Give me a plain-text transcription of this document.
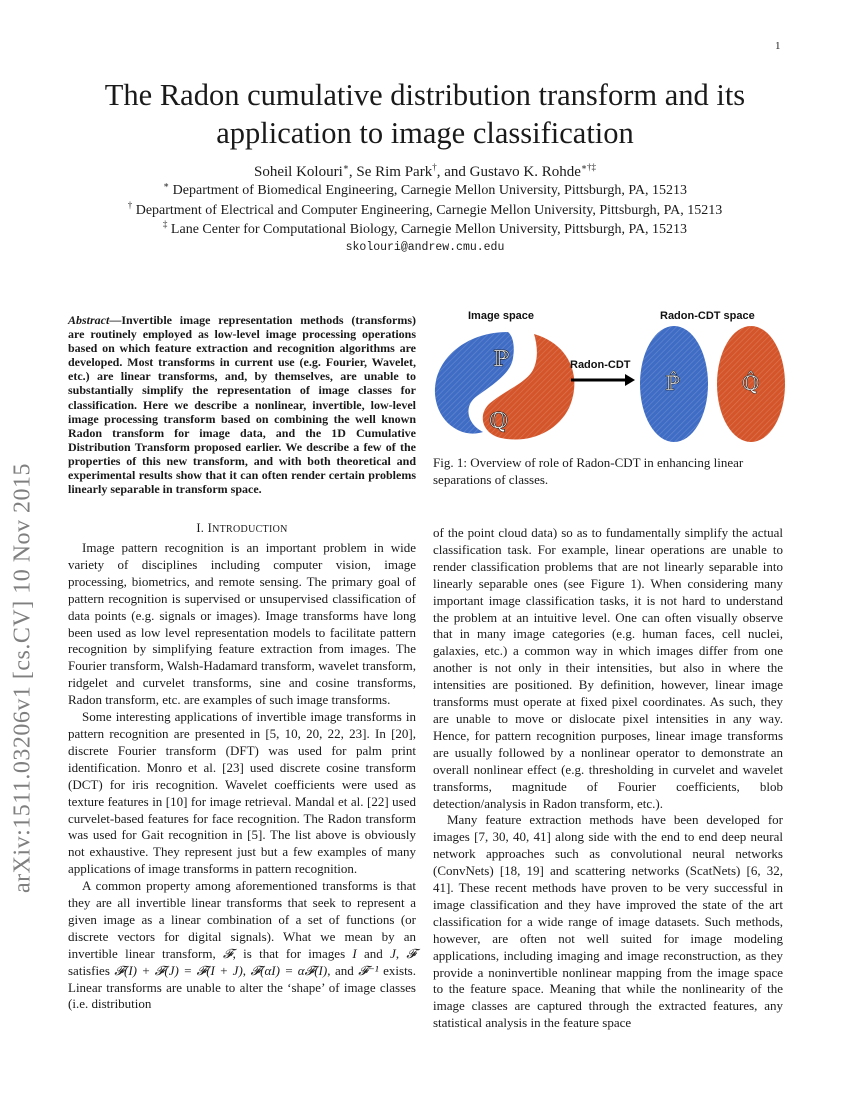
1
The Radon cumulative distribution transform and its
application to image classification
Soheil Kolouri∗, Se Rim Park†, and Gustavo K. Rohde∗†‡
∗ Department of Biomedical Engineering, Carnegie Mellon University, Pittsburgh, PA, 15213
† Department of Electrical and Computer Engineering, Carnegie Mellon University, Pittsburgh, PA, 15213
‡ Lane Center for Computational Biology, Carnegie Mellon University, Pittsburgh, PA, 15213
skolouri@andrew.cmu.edu
arXiv:1511.03206v1 [cs.CV] 10 Nov 2015
Abstract—Invertible image representation methods (transforms) are routinely employed as low-level image processing operations based on which feature extraction and recognition algorithms are developed. Most transforms in current use (e.g. Fourier, Wavelet, etc.) are linear transforms, and, by themselves, are unable to substantially simplify the representation of image classes for classification. Here we describe a nonlinear, invertible, low-level image processing transform based on combining the well known Radon transform for image data, and the 1D Cumulative Distribution Transform proposed earlier. We describe a few of the properties of this new transform, and with both theoretical and experimental results show that it can often render certain problems linearly separable in transform space.
Image space	Radon-CDT space
ℙ
ℚ
Radon-CDT
ℙ̂	ℚ̂
Fig. 1: Overview of role of Radon-CDT in enhancing linear separations of classes.
I. INTRODUCTION

Image pattern recognition is an important problem in wide variety of disciplines including computer vision, image processing, biometrics, and remote sensing. The primary goal of pattern recognition is supervised or unsupervised classification of data points (e.g. signals or images). Image transforms have long been used as low level representation models to facilitate pattern recognition by simplifying feature extraction from images. The Fourier transform, Walsh-Hadamard transform, wavelet transform, ridgelet and curvelet transforms, sine and cosine transforms, Radon transform, etc. are examples of such image transforms.

Some interesting applications of invertible image transforms in pattern recognition are presented in [5, 10, 20, 22, 23]. In [20], discrete Fourier transform (DFT) was used for palm print identification. Monro et al. [23] used discrete cosine transform (DCT) for iris recognition. Wavelet coefficients were used as texture features in [10] for image retrieval. Mandal et al. [22] used curvelet-based features for face recognition. The Radon transform was used for Gait recognition in [5]. The list above is obviously not exhaustive. They represent just but a few examples of many applications of image transforms in pattern recognition.

A common property among aforementioned transforms is that they are all invertible linear transforms that seek to represent a given image as a linear combination of a set of functions (or discrete vectors for digital signals). What we mean by an invertible linear transform, 𝓕, is that for images I and J, 𝓕 satisfies 𝓕(I) + 𝓕(J) = 𝓕(I + J), 𝓕(αI) = α𝓕(I), and 𝓕⁻¹ exists. Linear transforms are unable to alter the ‘shape’ of image classes (i.e. distribution

of the point cloud data) so as to fundamentally simplify the actual classification task. For example, linear operations are unable to render classification problems that are not linearly separable into linearly separable ones (see Figure 1). When considering many important image classification tasks, it is not hard to understand the problem at an intuitive level. One can often visually observe that in many image categories (e.g. human faces, cell nuclei, galaxies, etc.) a common way in which images differ from one another is not only in their intensities, but also in where the intensities are positioned. By definition, however, linear image transforms must operate at fixed pixel coordinates. As such, they are unable to move or dislocate pixel intensities in any way. Hence, for pattern recognition purposes, linear image transforms are usually followed by a nonlinear operator to demonstrate an overall nonlinear effect (e.g. thresholding in curvelet and wavelet transforms, magnitude of Fourier coefficients, blob detection/analysis in Radon transform, etc.).

Many feature extraction methods have been developed for images [7, 30, 40, 41] along side with the end to end deep neural network approaches such as convolutional neural networks (ConvNets) [18, 19] and scattering networks (ScatNets) [6, 32, 41]. These recent methods have proven to be very successful in image classification and they have improved the state of the art classification for a wide range of image datasets. Such methods, however, are often not well suited for image modeling applications, including imaging and image reconstruction, as they provide a noninvertible nonlinear mapping from the image space to the feature space. Meaning that while the nonlinearity of the image classes are captured through the extracted features, any statistical analysis in the feature space
